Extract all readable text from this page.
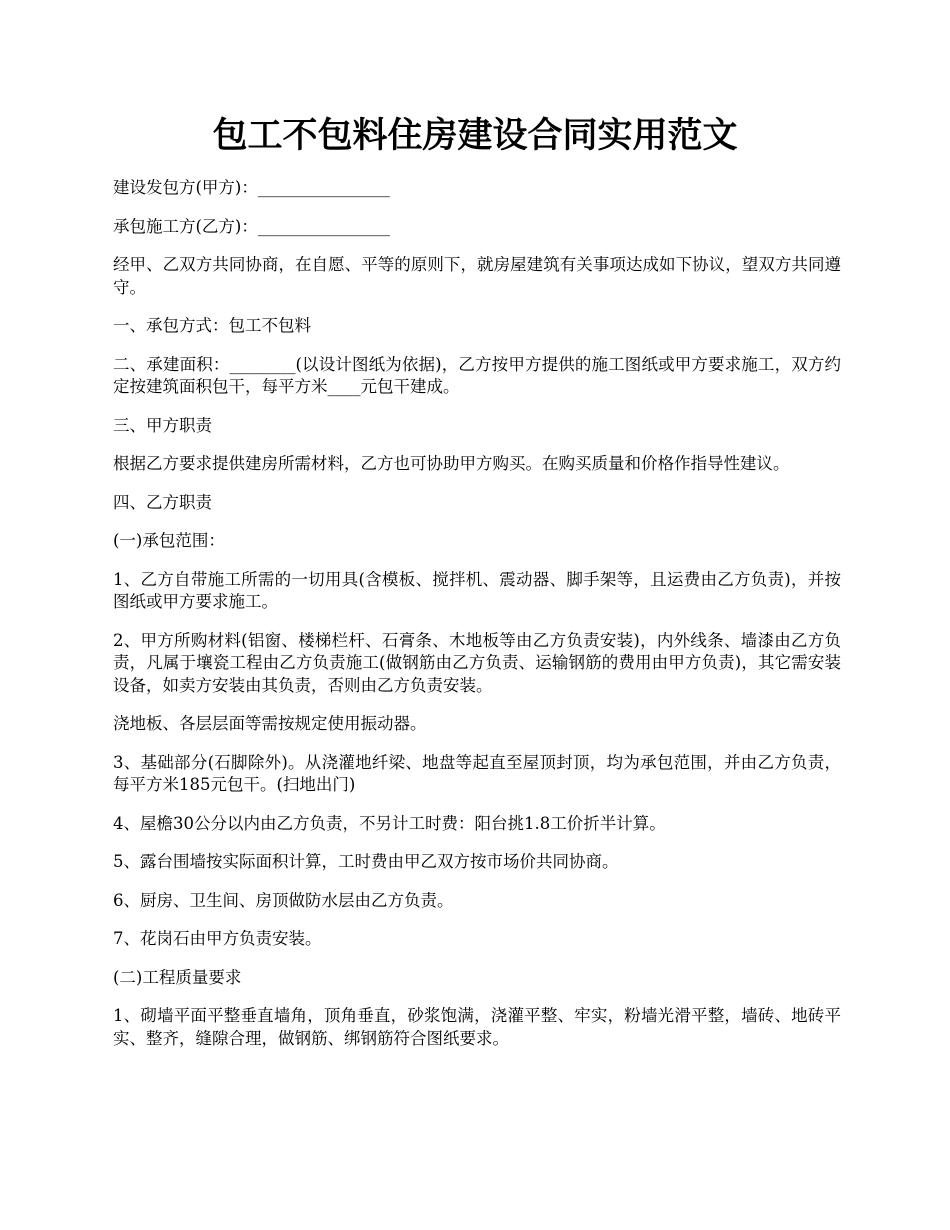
包工不包料住房建设合同实用范文

建设发包方(甲方)：________________

承包施工方(乙方)：________________

经甲、乙双方共同协商，在自愿、平等的原则下，就房屋建筑有关事项达成如下协议，望双方共同遵守。

一、承包方式：包工不包料

二、承建面积：________(以设计图纸为依据)，乙方按甲方提供的施工图纸或甲方要求施工，双方约定按建筑面积包干，每平方米____元包干建成。

三、甲方职责

根据乙方要求提供建房所需材料，乙方也可协助甲方购买。在购买质量和价格作指导性建议。

四、乙方职责

(一)承包范围：

1、乙方自带施工所需的一切用具(含模板、搅拌机、震动器、脚手架等，且运费由乙方负责)，并按图纸或甲方要求施工。

2、甲方所购材料(铝窗、楼梯栏杆、石膏条、木地板等由乙方负责安装)，内外线条、墙漆由乙方负责，凡属于壤瓷工程由乙方负责施工(做钢筋由乙方负责、运输钢筋的费用由甲方负责)，其它需安装设备，如卖方安装由其负责，否则由乙方负责安装。

浇地板、各层层面等需按规定使用振动器。

3、基础部分(石脚除外)。从浇灌地纤梁、地盘等起直至屋顶封顶，均为承包范围，并由乙方负责，每平方米185元包干。(扫地出门)

4、屋檐30公分以内由乙方负责，不另计工时费：阳台挑1.8工价折半计算。

5、露台围墙按实际面积计算，工时费由甲乙双方按市场价共同协商。

6、厨房、卫生间、房顶做防水层由乙方负责。

7、花岗石由甲方负责安装。

(二)工程质量要求

1、砌墙平面平整垂直墙角，顶角垂直，砂浆饱满，浇灌平整、牢实，粉墙光滑平整，墙砖、地砖平实、整齐，缝隙合理，做钢筋、绑钢筋符合图纸要求。
